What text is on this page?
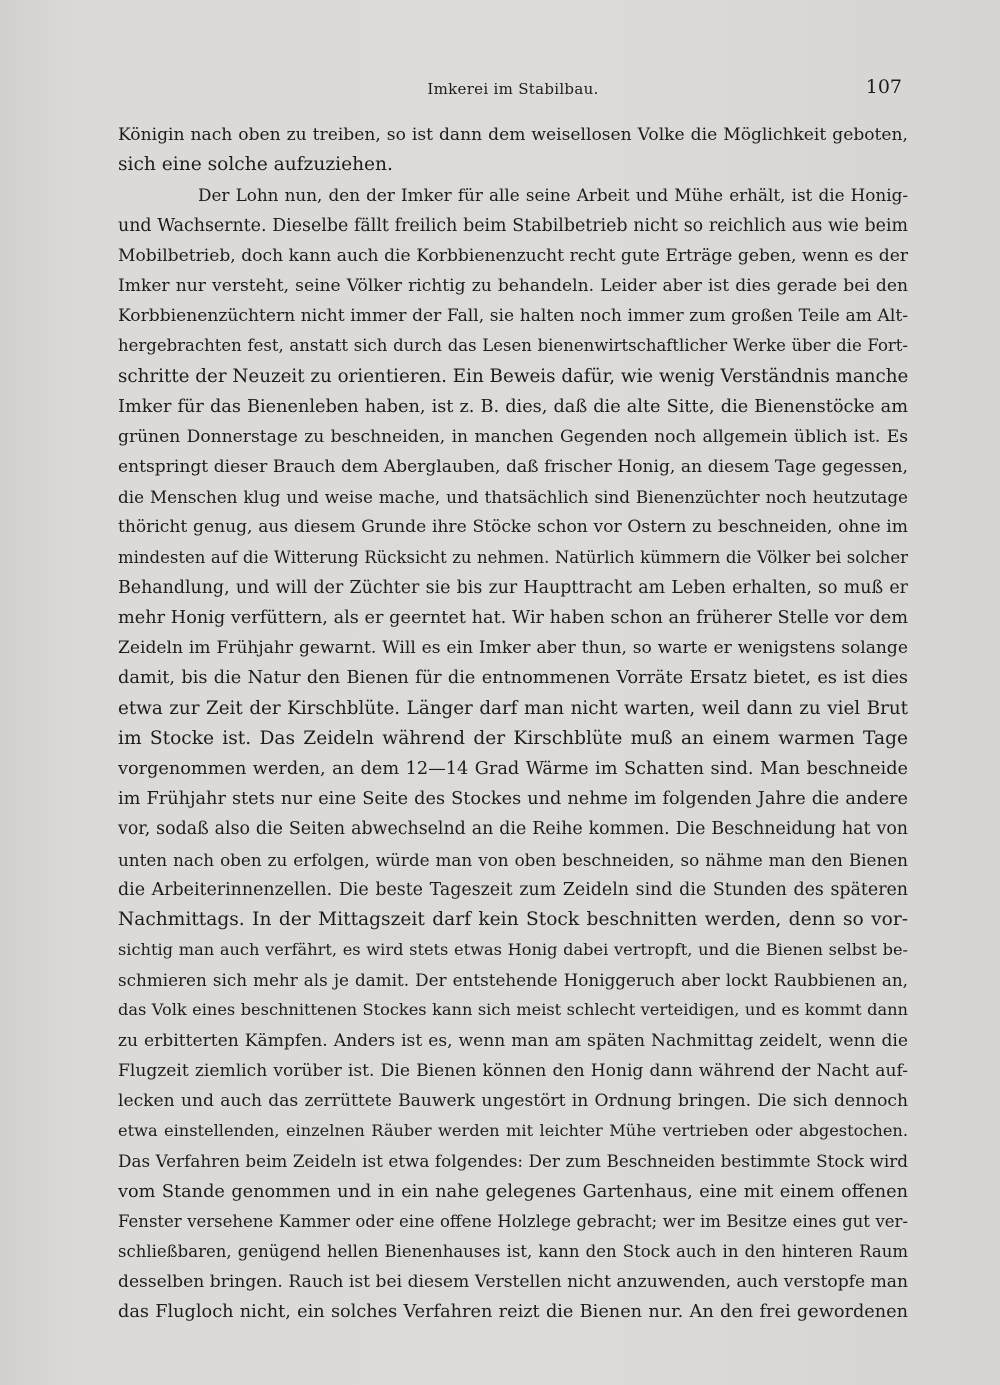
Imkerei im Stabilbau.	107
Königin nach oben zu treiben, so ist dann dem weisellosen Volke die Möglichkeit geboten,
sich eine solche aufzuziehen.
Der Lohn nun, den der Imker für alle seine Arbeit und Mühe erhält, ist die Honig-
und Wachsernte. Dieselbe fällt freilich beim Stabilbetrieb nicht so reichlich aus wie beim
Mobilbetrieb, doch kann auch die Korbbienenzucht recht gute Erträge geben, wenn es der
Imker nur versteht, seine Völker richtig zu behandeln. Leider aber ist dies gerade bei den
Korbbienenzüchtern nicht immer der Fall, sie halten noch immer zum großen Teile am Alt-
hergebrachten fest, anstatt sich durch das Lesen bienenwirtschaftlicher Werke über die Fort-
schritte der Neuzeit zu orientieren. Ein Beweis dafür, wie wenig Verständnis manche
Imker für das Bienenleben haben, ist z. B. dies, daß die alte Sitte, die Bienenstöcke am
grünen Donnerstage zu beschneiden, in manchen Gegenden noch allgemein üblich ist. Es
entspringt dieser Brauch dem Aberglauben, daß frischer Honig, an diesem Tage gegessen,
die Menschen klug und weise mache, und thatsächlich sind Bienenzüchter noch heutzutage
thöricht genug, aus diesem Grunde ihre Stöcke schon vor Ostern zu beschneiden, ohne im
mindesten auf die Witterung Rücksicht zu nehmen. Natürlich kümmern die Völker bei solcher
Behandlung, und will der Züchter sie bis zur Haupttracht am Leben erhalten, so muß er
mehr Honig verfüttern, als er geerntet hat. Wir haben schon an früherer Stelle vor dem
Zeideln im Frühjahr gewarnt. Will es ein Imker aber thun, so warte er wenigstens solange
damit, bis die Natur den Bienen für die entnommenen Vorräte Ersatz bietet, es ist dies
etwa zur Zeit der Kirschblüte. Länger darf man nicht warten, weil dann zu viel Brut
im Stocke ist. Das Zeideln während der Kirschblüte muß an einem warmen Tage
vorgenommen werden, an dem 12—14 Grad Wärme im Schatten sind. Man beschneide
im Frühjahr stets nur eine Seite des Stockes und nehme im folgenden Jahre die andere
vor, sodaß also die Seiten abwechselnd an die Reihe kommen. Die Beschneidung hat von
unten nach oben zu erfolgen, würde man von oben beschneiden, so nähme man den Bienen
die Arbeiterinnenzellen. Die beste Tageszeit zum Zeideln sind die Stunden des späteren
Nachmittags. In der Mittagszeit darf kein Stock beschnitten werden, denn so vor-
sichtig man auch verfährt, es wird stets etwas Honig dabei vertropft, und die Bienen selbst be-
schmieren sich mehr als je damit. Der entstehende Honiggeruch aber lockt Raubbienen an,
das Volk eines beschnittenen Stockes kann sich meist schlecht verteidigen, und es kommt dann
zu erbitterten Kämpfen. Anders ist es, wenn man am späten Nachmittag zeidelt, wenn die
Flugzeit ziemlich vorüber ist. Die Bienen können den Honig dann während der Nacht auf-
lecken und auch das zerrüttete Bauwerk ungestört in Ordnung bringen. Die sich dennoch
etwa einstellenden, einzelnen Räuber werden mit leichter Mühe vertrieben oder abgestochen.
Das Verfahren beim Zeideln ist etwa folgendes: Der zum Beschneiden bestimmte Stock wird
vom Stande genommen und in ein nahe gelegenes Gartenhaus, eine mit einem offenen
Fenster versehene Kammer oder eine offene Holzlege gebracht; wer im Besitze eines gut ver-
schließbaren, genügend hellen Bienenhauses ist, kann den Stock auch in den hinteren Raum
desselben bringen. Rauch ist bei diesem Verstellen nicht anzuwenden, auch verstopfe man
das Flugloch nicht, ein solches Verfahren reizt die Bienen nur. An den frei gewordenen
